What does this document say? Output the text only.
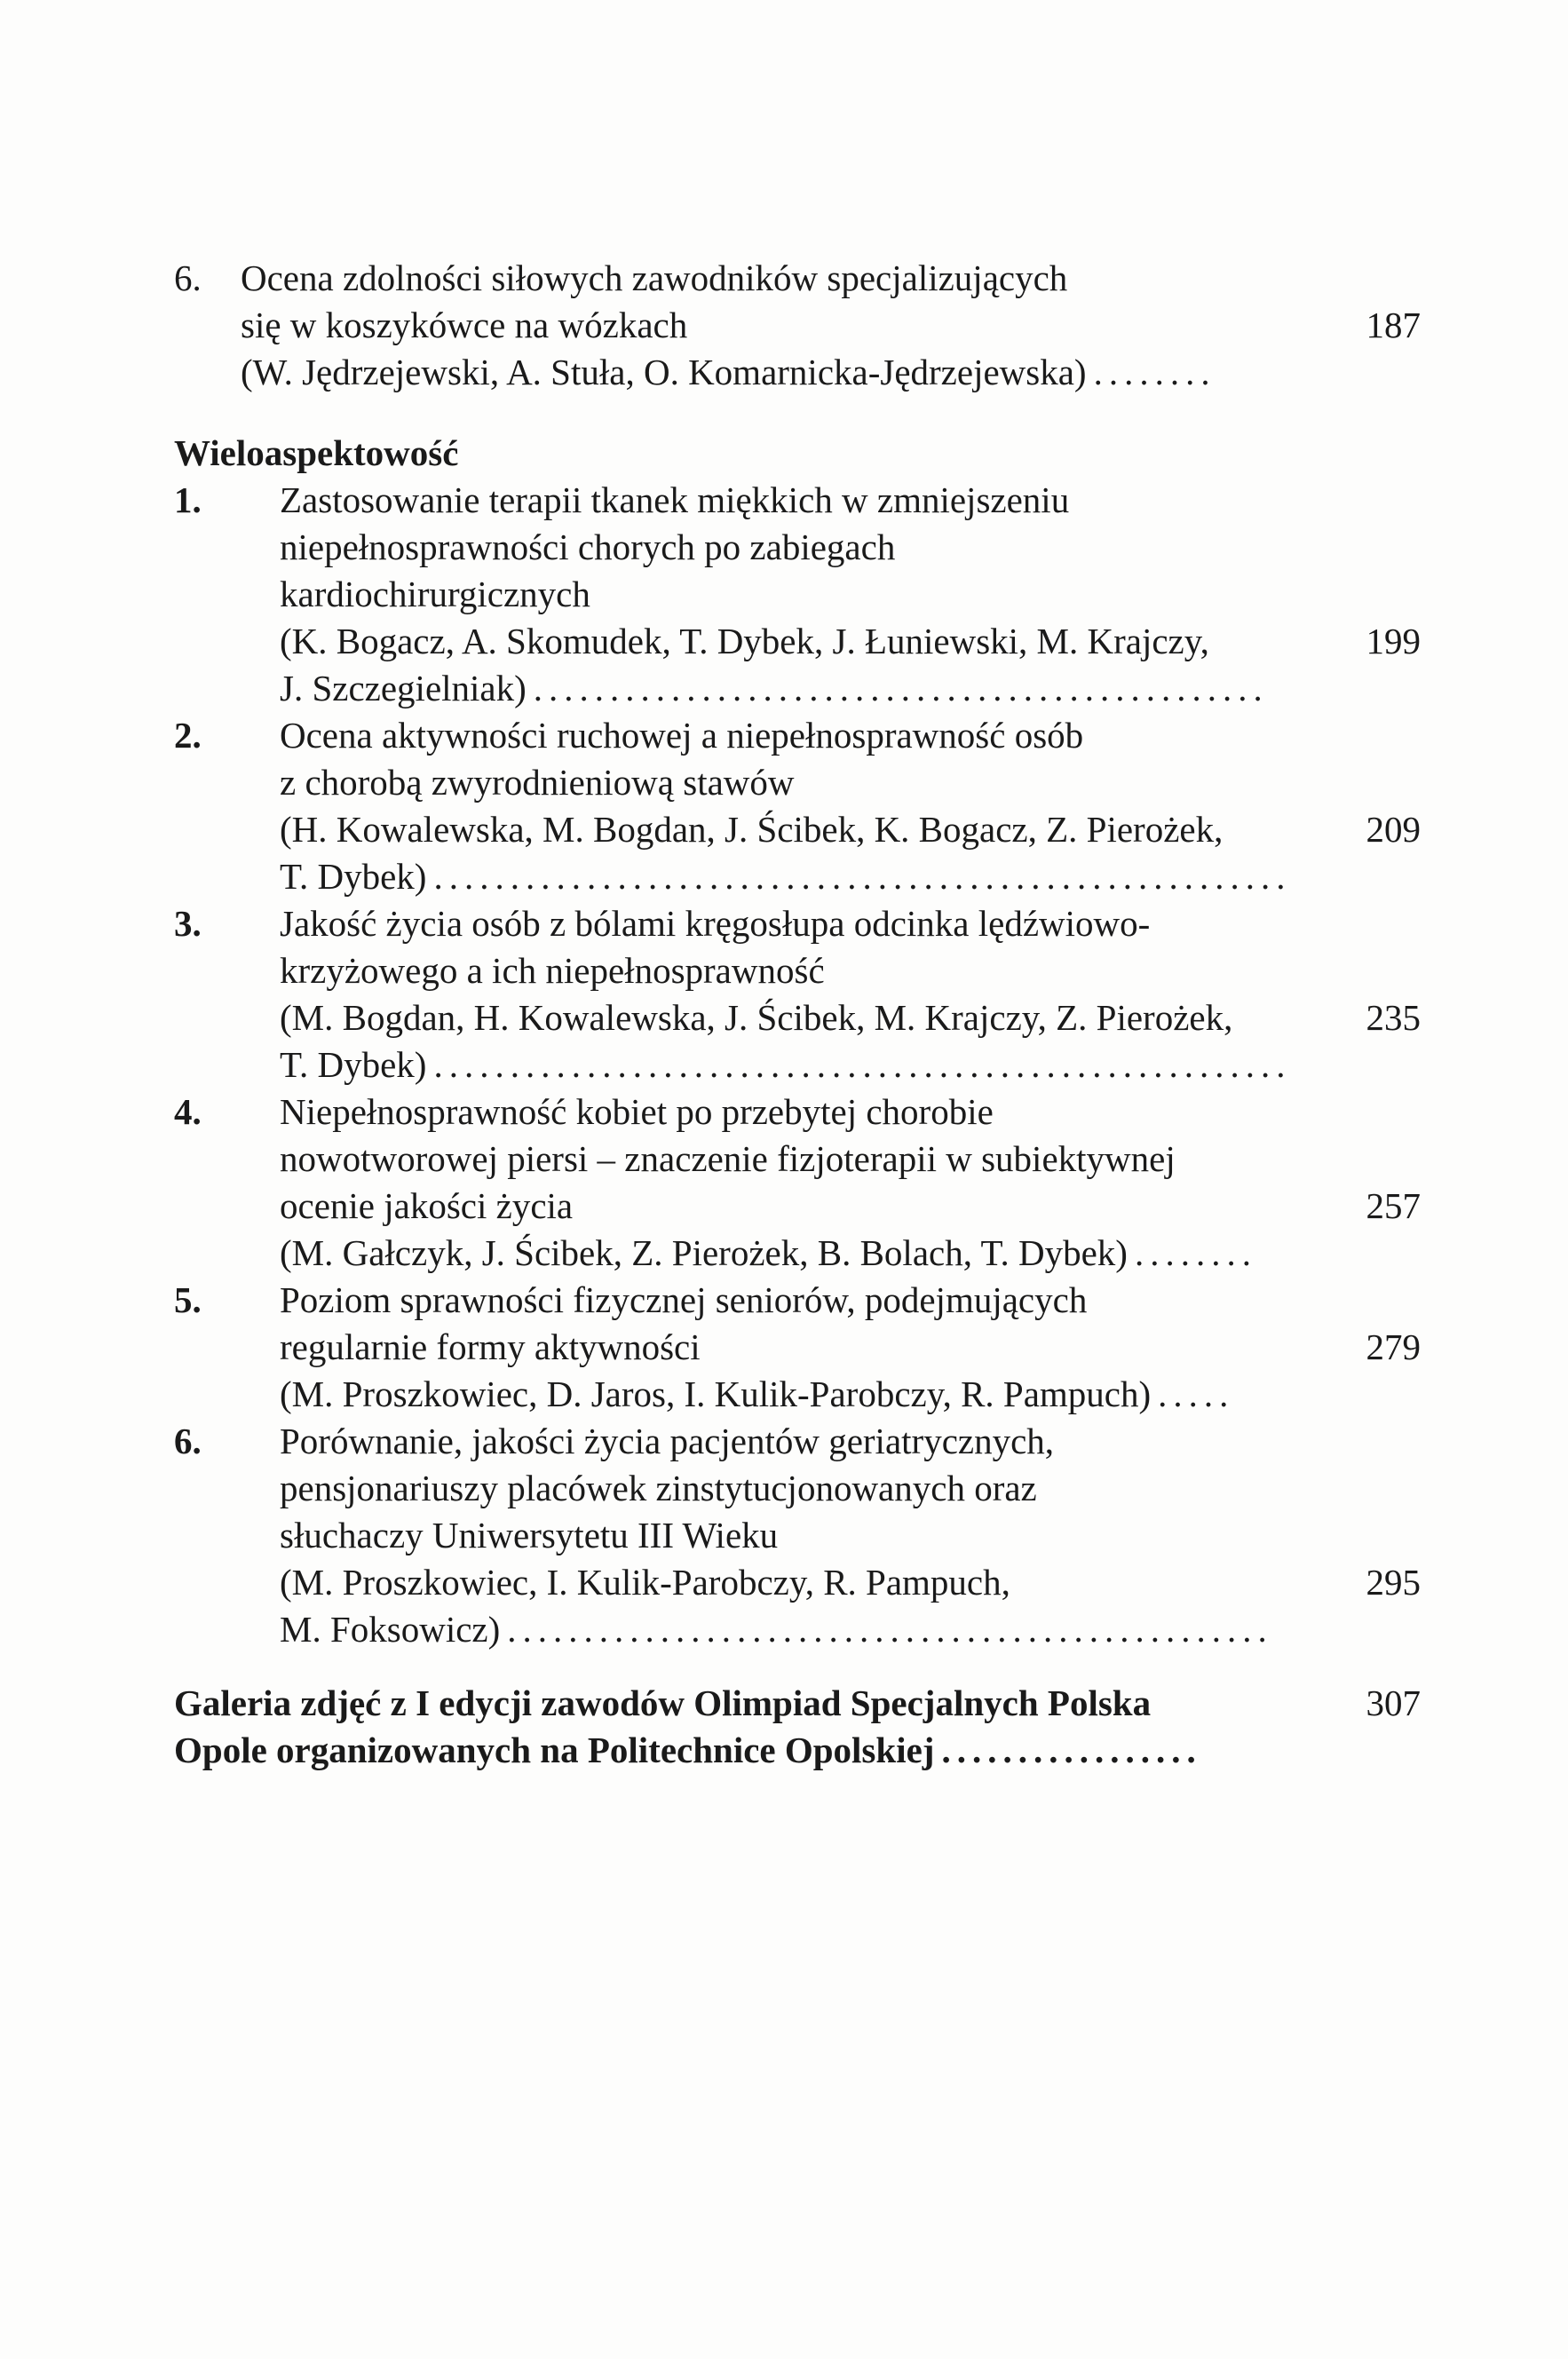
6.	Ocena zdolności siłowych zawodników specjalizujących
się w koszykówce na wózkach	187
(W. Jędrzejewski, A. Stuła, O. Komarnicka-Jędrzejewska) ........
Wieloaspektowość
1.	Zastosowanie terapii tkanek miękkich w zmniejszeniu
niepełnosprawności chorych po zabiegach
kardiochirurgicznych
(K. Bogacz, A. Skomudek, T. Dybek, J. Łuniewski, M. Krajczy,	199
J. Szczegielniak) ................................................
2.	Ocena aktywności ruchowej a niepełnosprawność osób
z chorobą zwyrodnieniową stawów
(H. Kowalewska, M. Bogdan, J. Ścibek, K. Bogacz, Z. Pierożek,	209
T. Dybek) ........................................................
3.	Jakość życia osób z bólami kręgosłupa odcinka lędźwiowo-
krzyżowego a ich niepełnosprawność
(M. Bogdan, H. Kowalewska, J. Ścibek, M. Krajczy, Z. Pierożek,	235
T. Dybek) ........................................................
4.	Niepełnosprawność kobiet po przebytej chorobie
nowotworowej piersi – znaczenie fizjoterapii w subiektywnej
ocenie jakości życia	257
(M. Gałczyk, J. Ścibek, Z. Pierożek, B. Bolach, T. Dybek) ........
5.	Poziom sprawności fizycznej seniorów, podejmujących
regularnie formy aktywności	279
(M. Proszkowiec, D. Jaros, I. Kulik-Parobczy, R. Pampuch) .....
6.	Porównanie, jakości życia pacjentów geriatrycznych,
pensjonariuszy placówek zinstytucjonowanych oraz
słuchaczy Uniwersytetu III Wieku
(M. Proszkowiec, I. Kulik-Parobczy, R. Pampuch,	295
M. Foksowicz) ..................................................
Galeria zdjęć z I edycji zawodów Olimpiad Specjalnych Polska	307
Opole organizowanych na Politechnice Opolskiej .................
